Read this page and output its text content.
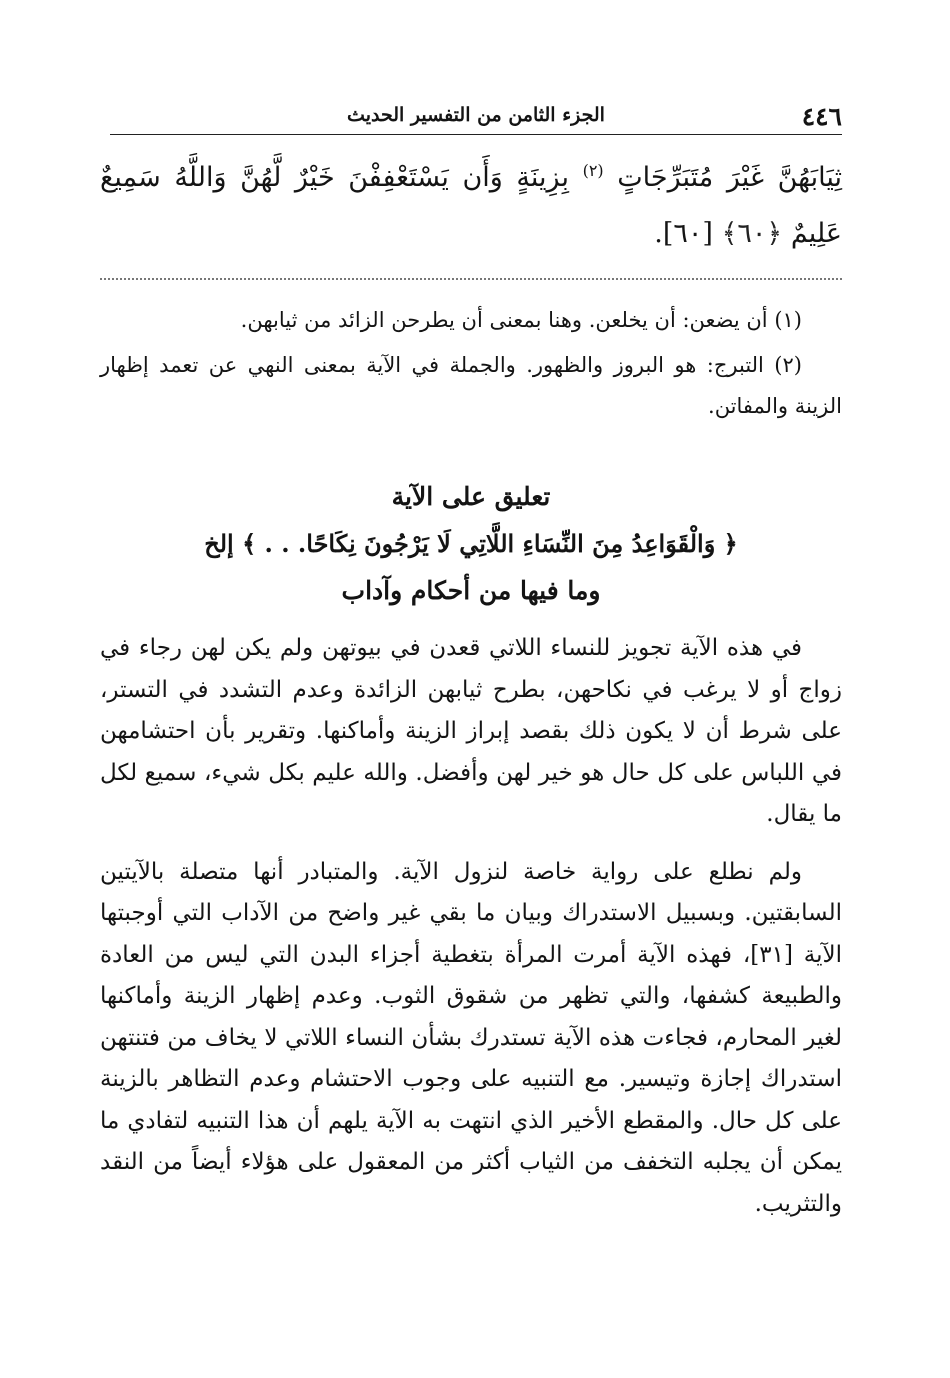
٤٤٦
الجزء الثامن من التفسير الحديث
ثِيَابَهُنَّ غَيْرَ مُتَبَرِّجَاتٍ $^{(٢)}$ بِزِينَةٍ وَأَن يَسْتَعْفِفْنَ خَيْرٌ لَّهُنَّ وَاللَّهُ سَمِيعٌ عَلِيمٌ ﴿٦٠﴾ [٦٠].

(١) أن يضعن: أن يخلعن. وهنا بمعنى أن يطرحن الزائد من ثيابهن.

(٢) التبرج: هو البروز والظهور. والجملة في الآية بمعنى النهي عن تعمد إظهار الزينة والمفاتن.

تعليق على الآية
﴿ وَالْقَوَاعِدُ مِنَ النِّسَاءِ اللَّاتِي لَا يَرْجُونَ نِكَاحًا. . . ﴾ إلخ
وما فيها من أحكام وآداب

في هذه الآية تجويز للنساء اللاتي قعدن في بيوتهن ولم يكن لهن رجاء في زواج أو لا يرغب في نكاحهن، بطرح ثيابهن الزائدة وعدم التشدد في التستر، على شرط أن لا يكون ذلك بقصد إبراز الزينة وأماكنها. وتقرير بأن احتشامهن في اللباس على كل حال هو خير لهن وأفضل. والله عليم بكل شيء، سميع لكل ما يقال.

ولم نطلع على رواية خاصة لنزول الآية. والمتبادر أنها متصلة بالآيتين السابقتين. وبسبيل الاستدراك وبيان ما بقي غير واضح من الآداب التي أوجبتها الآية [٣١]، فهذه الآية أمرت المرأة بتغطية أجزاء البدن التي ليس من العادة والطبيعة كشفها، والتي تظهر من شقوق الثوب. وعدم إظهار الزينة وأماكنها لغير المحارم، فجاءت هذه الآية تستدرك بشأن النساء اللاتي لا يخاف من فتنتهن استدراك إجازة وتيسير. مع التنبيه على وجوب الاحتشام وعدم التظاهر بالزينة على كل حال. والمقطع الأخير الذي انتهت به الآية يلهم أن هذا التنبيه لتفادي ما يمكن أن يجلبه التخفف من الثياب أكثر من المعقول على هؤلاء أيضاً من النقد والتثريب.
